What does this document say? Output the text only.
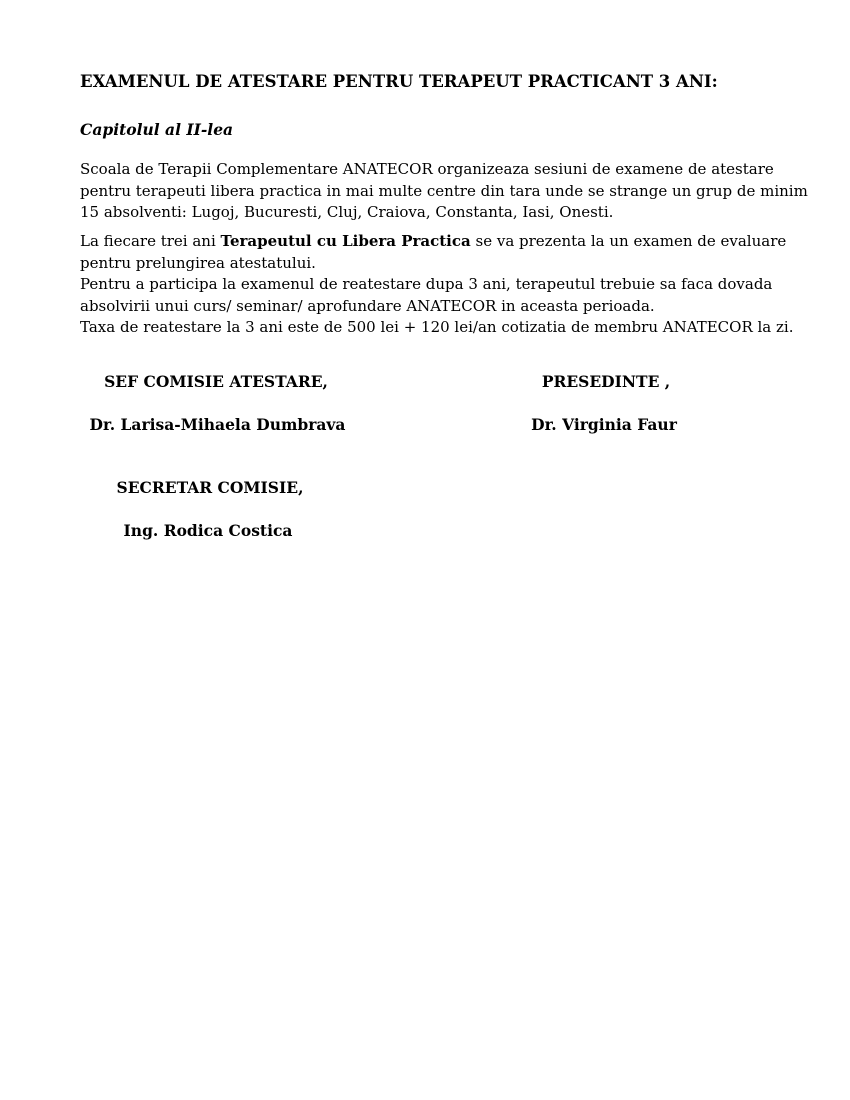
EXAMENUL DE ATESTARE PENTRU TERAPEUT PRACTICANT 3 ANI:
Capitolul al II-lea
Scoala de Terapii Complementare ANATECOR organizeaza sesiuni de examene de atestare pentru terapeuti libera practica in mai multe centre din tara unde se strange un grup de minim 15 absolventi: Lugoj, Bucuresti, Cluj, Craiova, Constanta, Iasi, Onesti.
La fiecare trei ani Terapeutul cu Libera Practica se va prezenta la un examen de evaluare pentru prelungirea atestatului.
Pentru a participa la examenul de reatestare dupa 3 ani, terapeutul trebuie sa faca dovada absolvirii unui curs/ seminar/ aprofundare ANATECOR in aceasta perioada.
Taxa de reatestare la 3 ani este de 500 lei + 120 lei/an cotizatia de membru ANATECOR la zi.
SEF COMISIE ATESTARE,
Dr. Larisa-Mihaela Dumbrava
PRESEDINTE ,
Dr. Virginia Faur
SECRETAR COMISIE,
Ing. Rodica Costica
